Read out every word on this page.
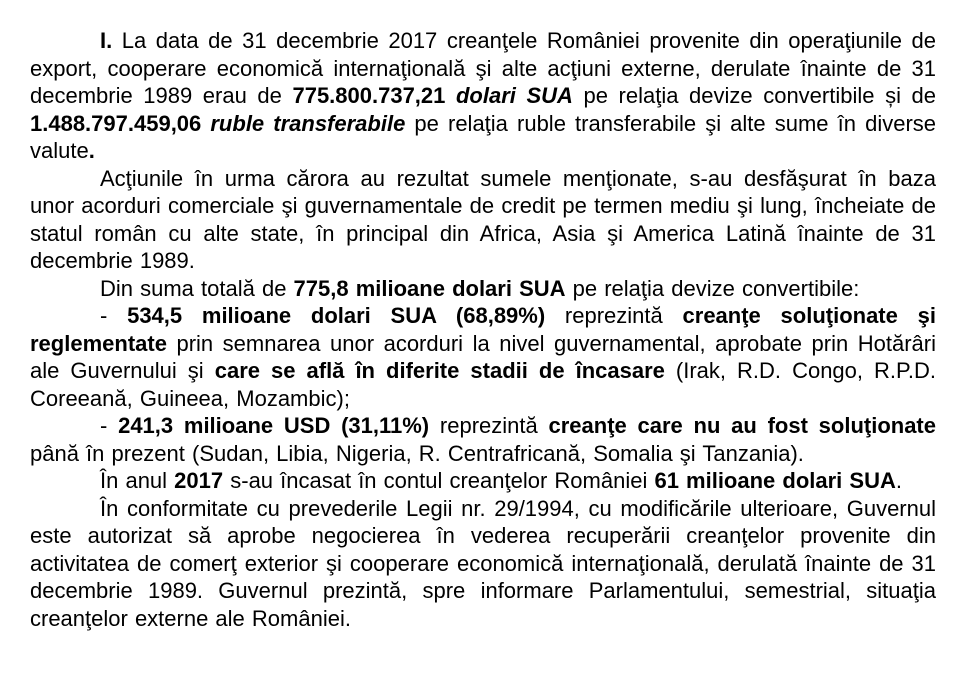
I. La data de 31 decembrie 2017 creanţele României provenite din operaţiunile de export, cooperare economică internaţională şi alte acţiuni externe, derulate înainte de 31 decembrie 1989 erau de 775.800.737,21 dolari SUA pe relaţia devize convertibile și de 1.488.797.459,06 ruble transferabile pe relaţia ruble transferabile şi alte sume în diverse valute.

Acţiunile în urma cărora au rezultat sumele menţionate, s-au desfăşurat în baza unor acorduri comerciale şi guvernamentale de credit pe termen mediu şi lung, încheiate de statul român cu alte state, în principal din Africa, Asia şi America Latină înainte de 31 decembrie 1989.

Din suma totală de 775,8 milioane dolari SUA pe relaţia devize convertibile:

- 534,5 milioane dolari SUA (68,89%) reprezintă creanţe soluţionate şi reglementate prin semnarea unor acorduri la nivel guvernamental, aprobate prin Hotărâri ale Guvernului şi care se află în diferite stadii de încasare (Irak, R.D. Congo, R.P.D. Coreeană, Guineea, Mozambic);

- 241,3 milioane USD (31,11%) reprezintă creanţe care nu au fost soluţionate până în prezent (Sudan, Libia, Nigeria, R. Centrafricană, Somalia şi Tanzania).

În anul 2017 s-au încasat în contul creanţelor României 61 milioane dolari SUA.

În conformitate cu prevederile Legii nr. 29/1994, cu modificările ulterioare, Guvernul este autorizat să aprobe negocierea în vederea recuperării creanţelor provenite din activitatea de comerţ exterior şi cooperare economică internaţională, derulată înainte de 31 decembrie 1989. Guvernul prezintă, spre informare Parlamentului, semestrial, situaţia creanţelor externe ale României.
